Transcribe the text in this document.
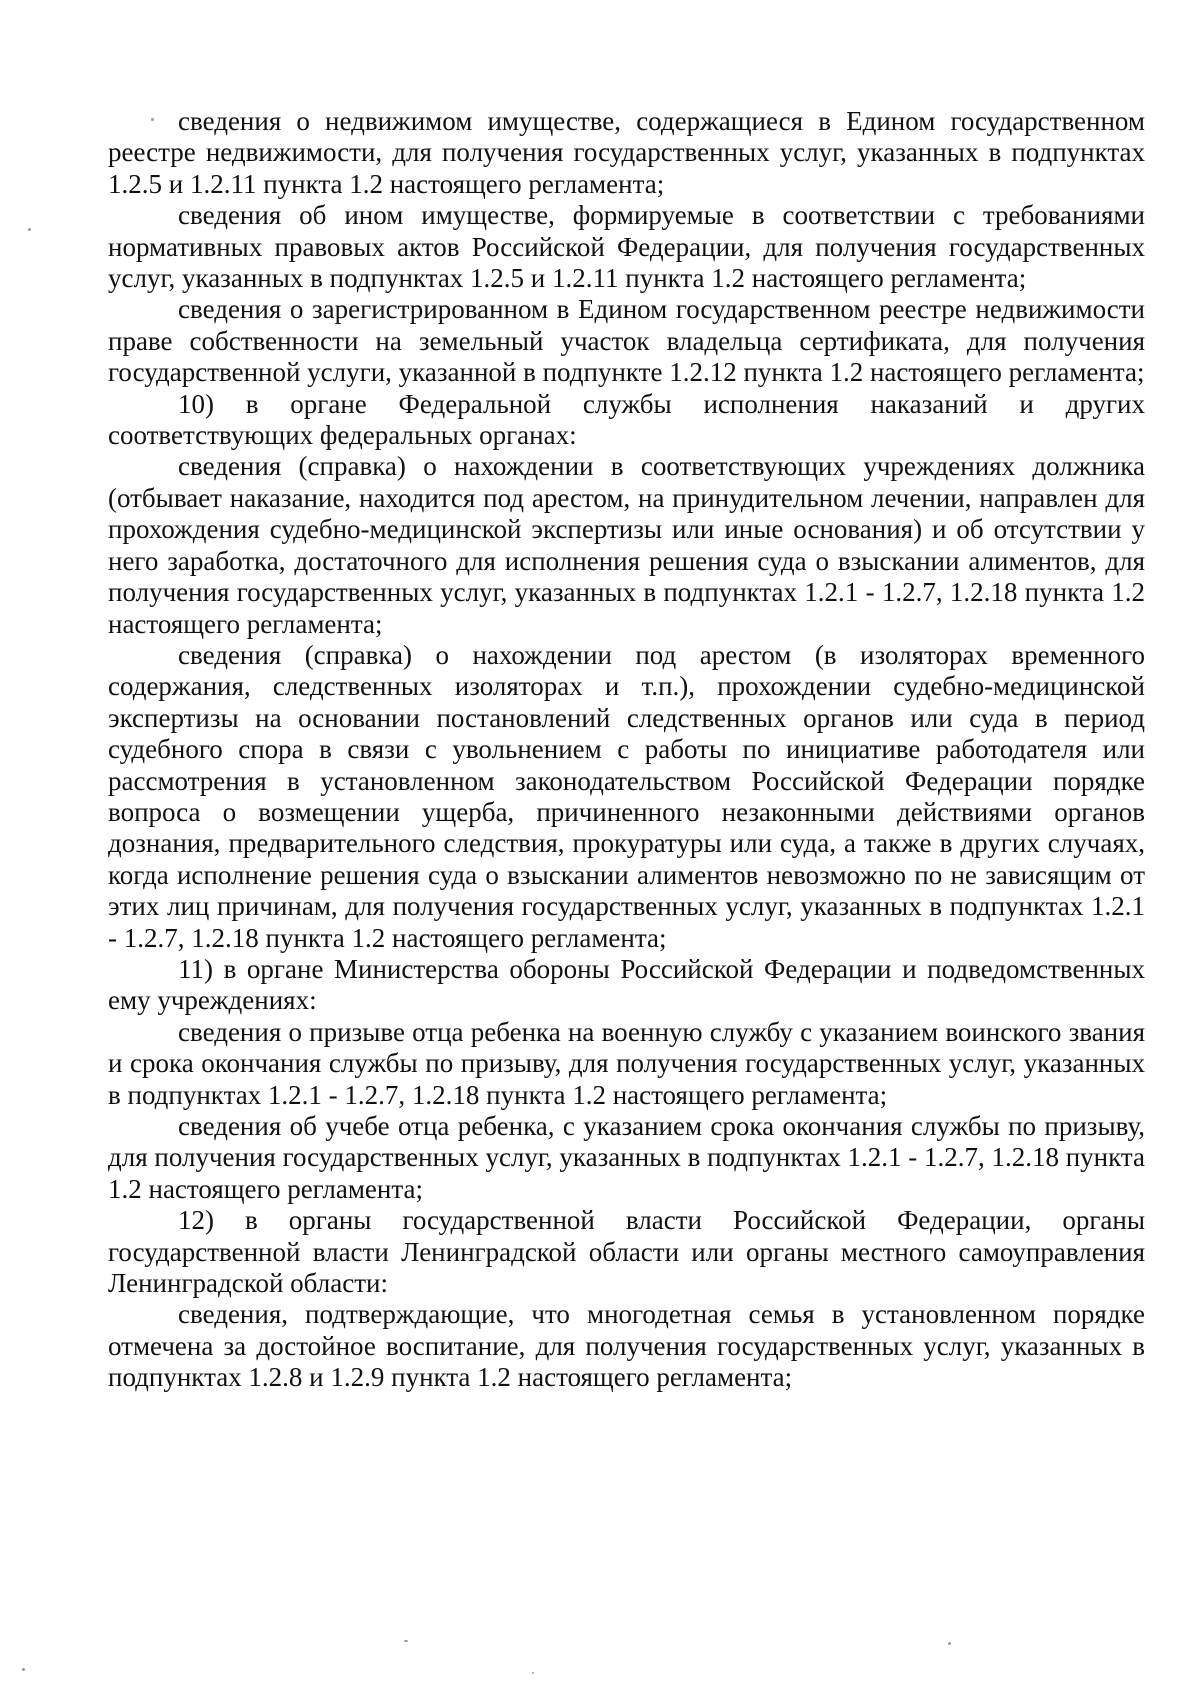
сведения о недвижимом имуществе, содержащиеся в Едином государственном реестре недвижимости, для получения государственных услуг, указанных в подпунктах 1.2.5 и 1.2.11 пункта 1.2 настоящего регламента;

сведения об ином имуществе, формируемые в соответствии с требованиями нормативных правовых актов Российской Федерации, для получения государственных услуг, указанных в подпунктах 1.2.5 и 1.2.11 пункта 1.2 настоящего регламента;

сведения о зарегистрированном в Едином государственном реестре недвижимости праве собственности на земельный участок владельца сертификата, для получения государственной услуги, указанной в подпункте 1.2.12 пункта 1.2 настоящего регламента;

10) в органе Федеральной службы исполнения наказаний и других соответствующих федеральных органах:

сведения (справка) о нахождении в соответствующих учреждениях должника (отбывает наказание, находится под арестом, на принудительном лечении, направлен для прохождения судебно-медицинской экспертизы или иные основания) и об отсутствии у него заработка, достаточного для исполнения решения суда о взыскании алиментов, для получения государственных услуг, указанных в подпунктах 1.2.1 - 1.2.7, 1.2.18 пункта 1.2 настоящего регламента;

сведения (справка) о нахождении под арестом (в изоляторах временного содержания, следственных изоляторах и т.п.), прохождении судебно-медицинской экспертизы на основании постановлений следственных органов или суда в период судебного спора в связи с увольнением с работы по инициативе работодателя или рассмотрения в установленном законодательством Российской Федерации порядке вопроса о возмещении ущерба, причиненного незаконными действиями органов дознания, предварительного следствия, прокуратуры или суда, а также в других случаях, когда исполнение решения суда о взыскании алиментов невозможно по не зависящим от этих лиц причинам, для получения государственных услуг, указанных в подпунктах 1.2.1 - 1.2.7, 1.2.18 пункта 1.2 настоящего регламента;

11) в органе Министерства обороны Российской Федерации и подведомственных ему учреждениях:

сведения о призыве отца ребенка на военную службу с указанием воинского звания и срока окончания службы по призыву, для получения государственных услуг, указанных в подпунктах 1.2.1 - 1.2.7, 1.2.18 пункта 1.2 настоящего регламента;

сведения об учебе отца ребенка, с указанием срока окончания службы по призыву, для получения государственных услуг, указанных в подпунктах 1.2.1 - 1.2.7, 1.2.18 пункта 1.2 настоящего регламента;

12) в органы государственной власти Российской Федерации, органы государственной власти Ленинградской области или органы местного самоуправления Ленинградской области:

сведения, подтверждающие, что многодетная семья в установленном порядке отмечена за достойное воспитание, для получения государственных услуг, указанных в подпунктах 1.2.8 и 1.2.9 пункта 1.2 настоящего регламента;
